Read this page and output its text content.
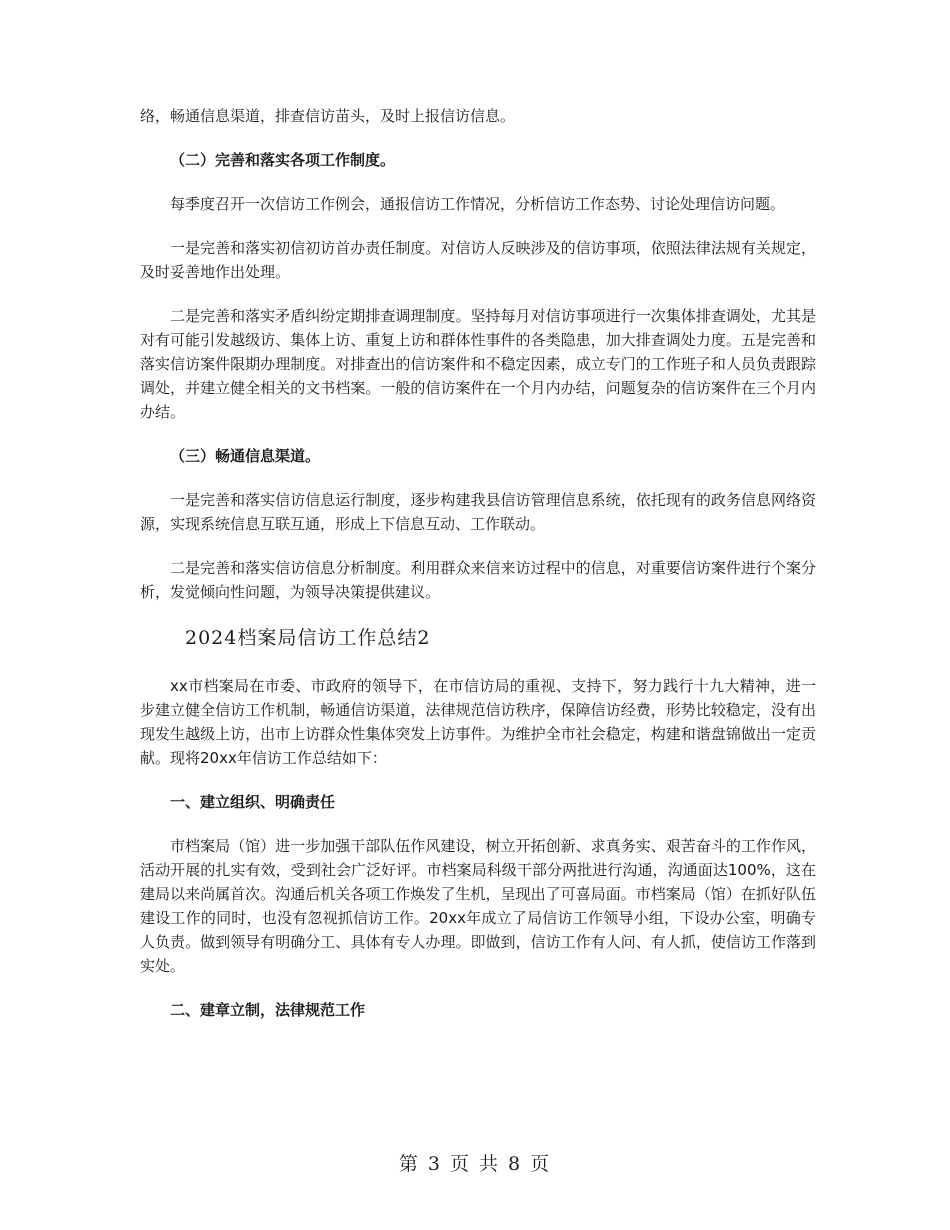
络，畅通信息渠道，排查信访苗头，及时上报信访信息。

（二）完善和落实各项工作制度。

每季度召开一次信访工作例会，通报信访工作情况，分析信访工作态势、讨论处理信访问题。

一是完善和落实初信初访首办责任制度。对信访人反映涉及的信访事项，依照法律法规有关规定，及时妥善地作出处理。

二是完善和落实矛盾纠纷定期排查调理制度。坚持每月对信访事项进行一次集体排查调处，尤其是对有可能引发越级访、集体上访、重复上访和群体性事件的各类隐患，加大排查调处力度。五是完善和落实信访案件限期办理制度。对排查出的信访案件和不稳定因素，成立专门的工作班子和人员负责跟踪调处，并建立健全相关的文书档案。一般的信访案件在一个月内办结，问题复杂的信访案件在三个月内办结。

（三）畅通信息渠道。

一是完善和落实信访信息运行制度，逐步构建我县信访管理信息系统，依托现有的政务信息网络资源，实现系统信息互联互通，形成上下信息互动、工作联动。

二是完善和落实信访信息分析制度。利用群众来信来访过程中的信息，对重要信访案件进行个案分析，发觉倾向性问题，为领导决策提供建议。

2024档案局信访工作总结2

xx市档案局在市委、市政府的领导下，在市信访局的重视、支持下，努力践行十九大精神，进一步建立健全信访工作机制，畅通信访渠道，法律规范信访秩序，保障信访经费，形势比较稳定，没有出现发生越级上访，出市上访群众性集体突发上访事件。为维护全市社会稳定，构建和谐盘锦做出一定贡献。现将20xx年信访工作总结如下：

一、建立组织、明确责任

市档案局（馆）进一步加强干部队伍作风建设，树立开拓创新、求真务实、艰苦奋斗的工作作风，活动开展的扎实有效，受到社会广泛好评。市档案局科级干部分两批进行沟通，沟通面达100%，这在建局以来尚属首次。沟通后机关各项工作焕发了生机，呈现出了可喜局面。市档案局（馆）在抓好队伍建设工作的同时，也没有忽视抓信访工作。20xx年成立了局信访工作领导小组，下设办公室，明确专人负责。做到领导有明确分工、具体有专人办理。即做到，信访工作有人问、有人抓，使信访工作落到实处。

二、建章立制，法律规范工作

第 3 页 共 8 页
